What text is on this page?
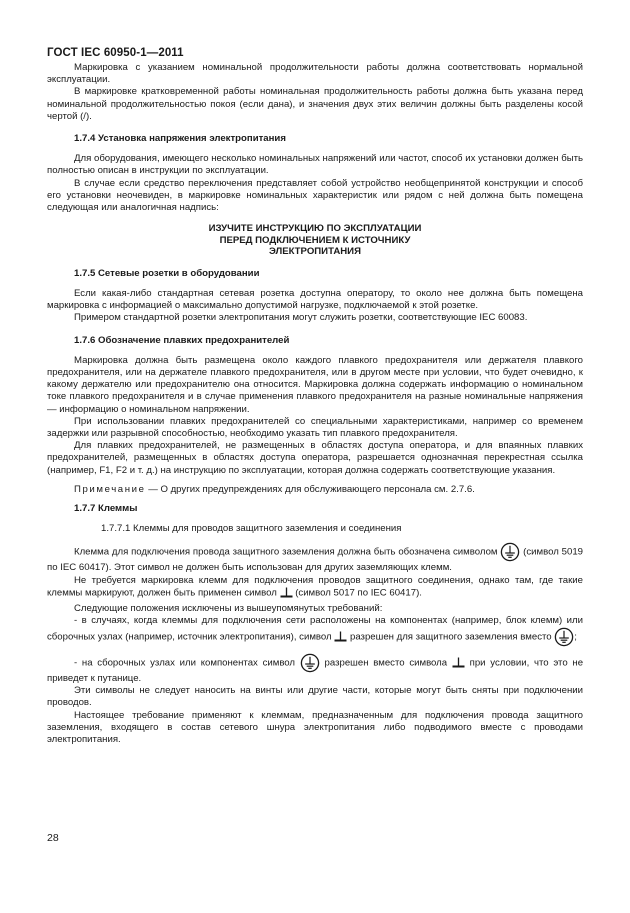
ГОСТ IEC 60950-1—2011

Маркировка с указанием номинальной продолжительности работы должна соответствовать нормальной эксплуатации.

В маркировке кратковременной работы номинальная продолжительность работы должна быть указана перед номинальной продолжительностью покоя (если дана), и значения двух этих величин должны быть разделены косой чертой (/).

1.7.4 Установка напряжения электропитания

Для оборудования, имеющего несколько номинальных напряжений или частот, способ их установки должен быть полностью описан в инструкции по эксплуатации.

В случае если средство переключения представляет собой устройство необщепринятой конструкции и способ его установки неочевиден, в маркировке номинальных характеристик или рядом с ней должна быть помещена следующая или аналогичная надпись:

ИЗУЧИТЕ ИНСТРУКЦИЮ ПО ЭКСПЛУАТАЦИИ
ПЕРЕД ПОДКЛЮЧЕНИЕМ К ИСТОЧНИКУ
ЭЛЕКТРОПИТАНИЯ

1.7.5 Сетевые розетки в оборудовании

Если какая-либо стандартная сетевая розетка доступна оператору, то около нее должна быть помещена маркировка с информацией о максимально допустимой нагрузке, подключаемой к этой розетке.

Примером стандартной розетки электропитания могут служить розетки, соответствующие IEC 60083.

1.7.6 Обозначение плавких предохранителей

Маркировка должна быть размещена около каждого плавкого предохранителя или держателя плавкого предохранителя, или на держателе плавкого предохранителя, или в другом месте при условии, что будет очевидно, к какому держателю или предохранителю она относится. Маркировка должна содержать информацию о номинальном токе плавкого предохранителя и в случае применения плавкого предохранителя на разные номинальные напряжения — информацию о номинальном напряжении.

При использовании плавких предохранителей со специальными характеристиками, например со временем задержки или разрывной способностью, необходимо указать тип плавкого предохранителя.

Для плавких предохранителей, не размещенных в областях доступа оператора, и для впаянных плавких предохранителей, размещенных в областях доступа оператора, разрешается однозначная перекрестная ссылка (например, F1, F2 и т. д.) на инструкцию по эксплуатации, которая должна содержать соответствующие указания.

Примечание — О других предупреждениях для обслуживающего персонала см. 2.7.6.

1.7.7 Клеммы

1.7.7.1 Клеммы для проводов защитного заземления и соединения

Клемма для подключения провода защитного заземления должна быть обозначена символом	(символ 5019 по IEC 60417). Этот символ не должен быть использован для других заземляющих клемм.

Не требуется маркировка клемм для подключения проводов защитного соединения, однако там, где такие клеммы маркируют, должен быть применен символ (символ 5017 по IEC 60417).

Следующие положения исключены из вышеупомянутых требований:

- в случаях, когда клеммы для подключения сети расположены на компонентах (например, блок клемм) или сборочных узлах (например, источник электропитания), символ разрешен для защитного заземления вместо ;

- на сборочных узлах или компонентах символ	разрешен вместо символа при условии, что это не приведет к путанице.

Эти символы не следует наносить на винты или другие части, которые могут быть сняты при подключении проводов.

Настоящее требование применяют к клеммам, предназначенным для подключения провода защитного заземления, входящего в состав сетевого шнура электропитания либо подводимого вместе с проводами электропитания.

28
